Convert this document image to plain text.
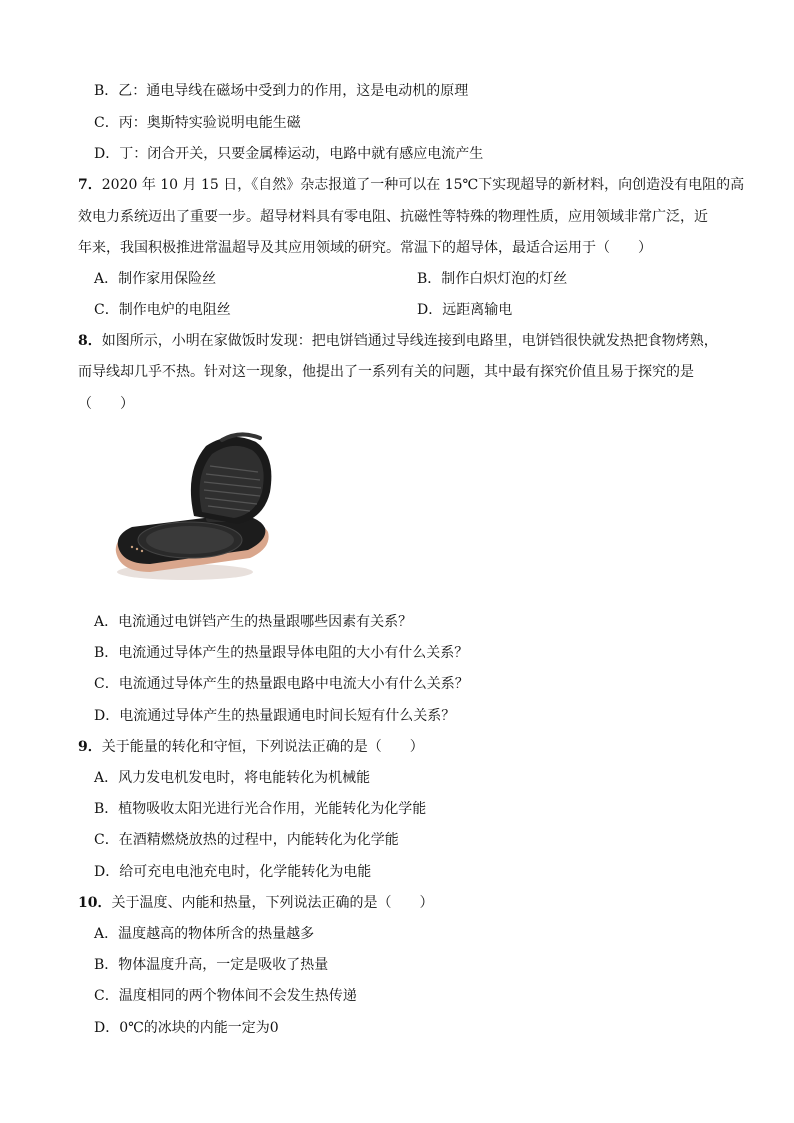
B．乙：通电导线在磁场中受到力的作用，这是电动机的原理
C．丙：奥斯特实验说明电能生磁
D．丁：闭合开关，只要金属棒运动，电路中就有感应电流产生
7．2020 年 10 月 15 日，《自然》杂志报道了一种可以在 15℃下实现超导的新材料，向创造没有电阻的高
效电力系统迈出了重要一步。超导材料具有零电阻、抗磁性等特殊的物理性质，应用领域非常广泛，近
年来，我国积极推进常温超导及其应用领域的研究。常温下的超导体，最适合运用于（　　）
A．制作家用保险丝	B．制作白炽灯泡的灯丝
C．制作电炉的电阻丝	D．远距离输电
8．如图所示，小明在家做饭时发现：把电饼铛通过导线连接到电路里，电饼铛很快就发热把食物烤熟，
而导线却几乎不热。针对这一现象，他提出了一系列有关的问题，其中最有探究价值且易于探究的是
（　　）
A．电流通过电饼铛产生的热量跟哪些因素有关系？
B．电流通过导体产生的热量跟导体电阻的大小有什么关系？
C．电流通过导体产生的热量跟电路中电流大小有什么关系？
D．电流通过导体产生的热量跟通电时间长短有什么关系？
9．关于能量的转化和守恒，下列说法正确的是（　　）
A．风力发电机发电时，将电能转化为机械能
B．植物吸收太阳光进行光合作用，光能转化为化学能
C．在酒精燃烧放热的过程中，内能转化为化学能
D．给可充电电池充电时，化学能转化为电能
10．关于温度、内能和热量，下列说法正确的是（　　）
A．温度越高的物体所含的热量越多
B．物体温度升高，一定是吸收了热量
C．温度相同的两个物体间不会发生热传递
D．0℃的冰块的内能一定为0
